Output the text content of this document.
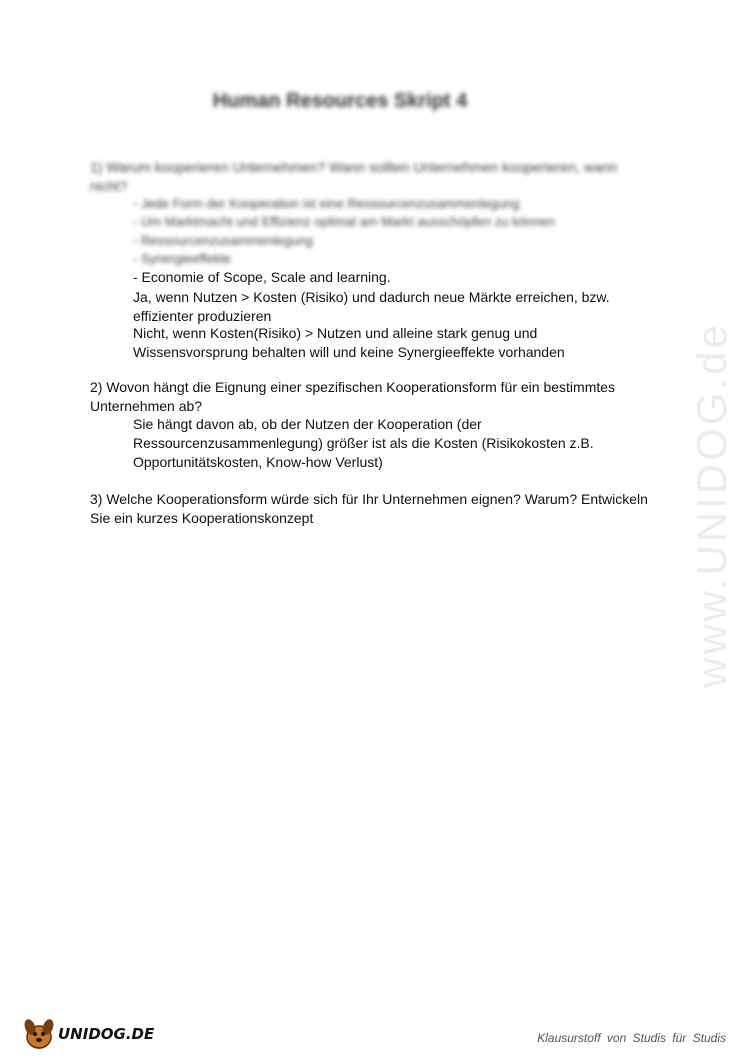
www.UNIDOG.de
Human Resources Skript 4
1) Warum kooperieren Unternehmen? Wann sollten Unternehmen kooperieren, wann nicht?
- Jede Form der Kooperation ist eine Ressourcenzusammenlegung
- Um Marktmacht und Effizienz optimal am Markt ausschöpfen zu können
- Ressourcenzusammenlegung
- Synergieeffekte
- Economie of Scope, Scale and learning.
Ja, wenn Nutzen > Kosten (Risiko) und dadurch neue Märkte erreichen, bzw. effizienter produzieren
Nicht, wenn Kosten(Risiko) > Nutzen und alleine stark genug und Wissensvorsprung behalten will und keine Synergieeffekte vorhanden
2) Wovon hängt die Eignung einer spezifischen Kooperationsform für ein bestimmtes Unternehmen ab?
Sie hängt davon ab, ob der Nutzen der Kooperation (der Ressourcenzusammenlegung) größer ist als die Kosten (Risikokosten z.B. Opportunitätskosten, Know-how Verlust)
3) Welche Kooperationsform würde sich für Ihr Unternehmen eignen? Warum? Entwickeln Sie ein kurzes Kooperationskonzept
UNIDOG.DE	Klausurstoff von Studis für Studis
